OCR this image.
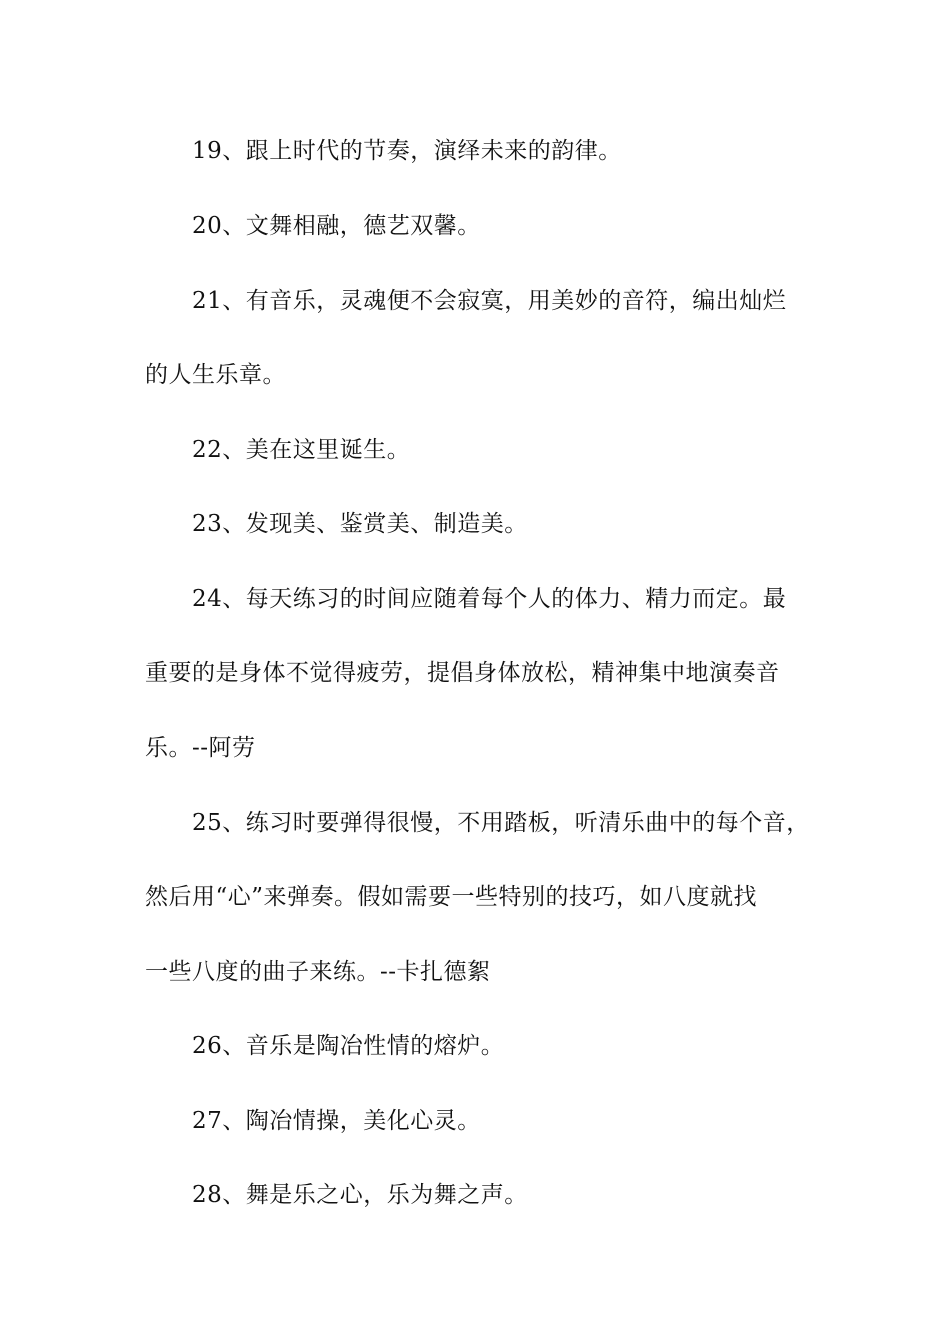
19、跟上时代的节奏，演绎未来的韵律。
20、文舞相融，德艺双馨。
21、有音乐，灵魂便不会寂寞，用美妙的音符，编出灿烂
的人生乐章。
22、美在这里诞生。
23、发现美、鉴赏美、制造美。
24、每天练习的时间应随着每个人的体力、精力而定。最
重要的是身体不觉得疲劳，提倡身体放松，精神集中地演奏音
乐。--阿劳
25、练习时要弹得很慢，不用踏板，听清乐曲中的每个音，
然后用“心”来弹奏。假如需要一些特别的技巧，如八度就找
一些八度的曲子来练。--卡扎德絮
26、音乐是陶冶性情的熔炉。
27、陶冶情操，美化心灵。
28、舞是乐之心，乐为舞之声。
